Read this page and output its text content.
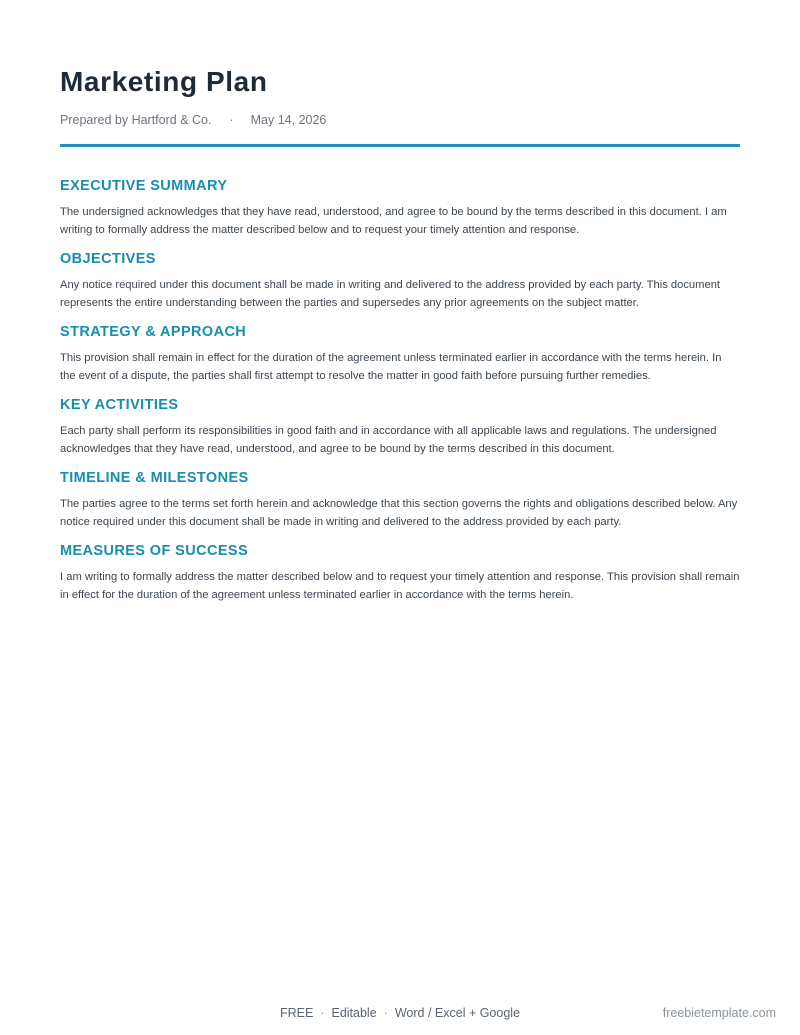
Marketing Plan
Prepared by Hartford & Co. · May 14, 2026
EXECUTIVE SUMMARY

The undersigned acknowledges that they have read, understood, and agree to be bound by the terms described in this document. I am writing to formally address the matter described below and to request your timely attention and response.

OBJECTIVES

Any notice required under this document shall be made in writing and delivered to the address provided by each party. This document represents the entire understanding between the parties and supersedes any prior agreements on the subject matter.

STRATEGY & APPROACH

This provision shall remain in effect for the duration of the agreement unless terminated earlier in accordance with the terms herein. In the event of a dispute, the parties shall first attempt to resolve the matter in good faith before pursuing further remedies.

KEY ACTIVITIES

Each party shall perform its responsibilities in good faith and in accordance with all applicable laws and regulations. The undersigned acknowledges that they have read, understood, and agree to be bound by the terms described in this document.

TIMELINE & MILESTONES

The parties agree to the terms set forth herein and acknowledge that this section governs the rights and obligations described below. Any notice required under this document shall be made in writing and delivered to the address provided by each party.

MEASURES OF SUCCESS

I am writing to formally address the matter described below and to request your timely attention and response. This provision shall remain in effect for the duration of the agreement unless terminated earlier in accordance with the terms herein.

FREE · Editable · Word / Excel + Google	freebietemplate.com
